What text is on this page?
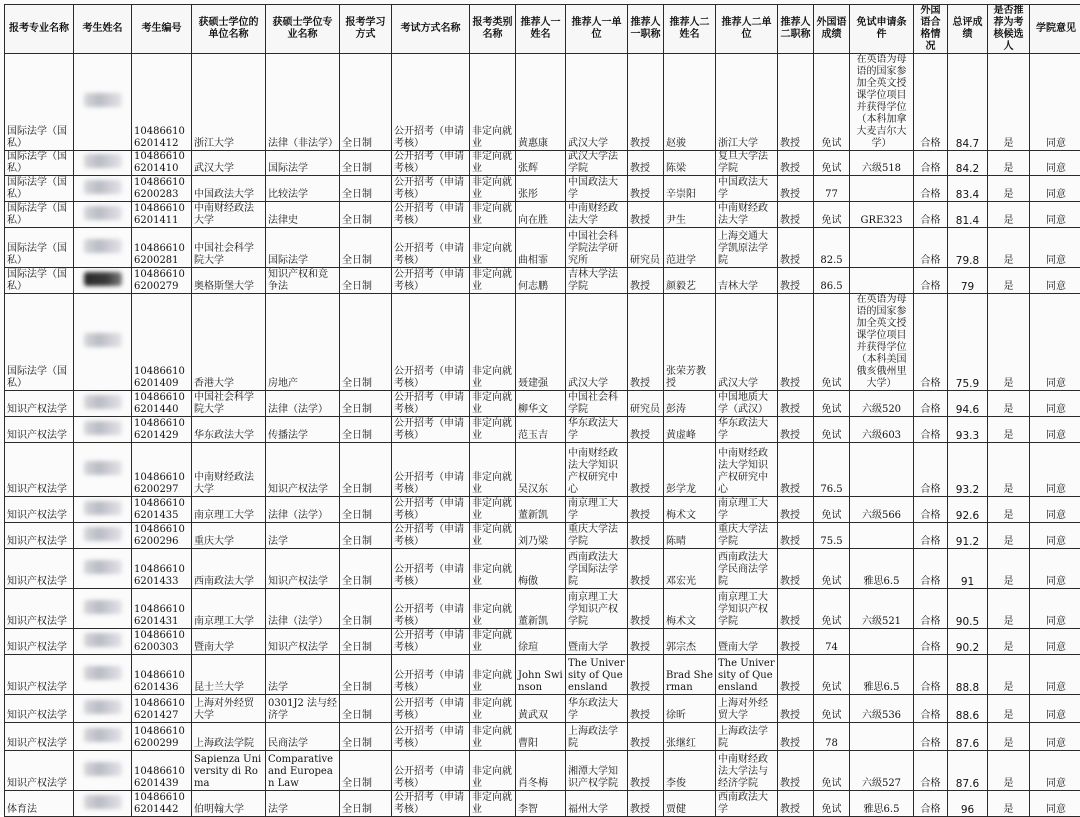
报考专业名称	考生姓名	考生编号	获硕士学位的单位名称	获硕士学位专业名称	报考学习方式	考试方式名称	报考类别名称	推荐人一姓名	推荐人一单位	推荐人一职称	推荐人二姓名	推荐人二单位	推荐人二职称	外国语成绩	免试申请条件	外国语合格情况	总评成绩	是否推荐为考核候选人	学院意见
国际法学（国私）		104866106201412	浙江大学	法律（非法学）	全日制	公开招考（申请考核）	非定向就业	黄惠康	武汉大学	教授	赵骏	浙江大学	教授	免试	在英语为母语的国家参加全英文授课学位项目并获得学位（本科加拿大麦吉尔大学）	合格	84.7	是	同意
国际法学（国私）		104866106201410	武汉大学	国际法学	全日制	公开招考（申请考核）	非定向就业	张辉	武汉大学法学院	教授	陈梁	复旦大学法学院	教授	免试	六级518	合格	84.2	是	同意
国际法学（国私）		104866106200283	中国政法大学	比较法学	全日制	公开招考（申请考核）	非定向就业	张彤	中国政法大学	教授	辛崇阳	中国政法大学	教授	77		合格	83.4	是	同意
国际法学（国私）		104866106201411	中南财经政法大学	法律史	全日制	公开招考（申请考核）	非定向就业	向在胜	中南财经政法大学	教授	尹生	中南财经政法大学	教授	免试	GRE323	合格	81.4	是	同意
国际法学（国私）		104866106200281	中国社会科学院大学	国际法学	全日制	公开招考（申请考核）	非定向就业	曲相霏	中国社会科学院法学研究所	研究员	范进学	上海交通大学凯原法学院	教授	82.5		合格	79.8	是	同意
国际法学（国私）		104866106200279	奥格斯堡大学	知识产权和竞争法	全日制	公开招考（申请考核）	非定向就业	何志鹏	吉林大学法学院	教授	颜毅艺	吉林大学	教授	86.5		合格	79	是	同意
国际法学（国私）		104866106201409	香港大学	房地产	全日制	公开招考（申请考核）	非定向就业	聂建强	武汉大学	教授	张荣芳教授	武汉大学	教授	免试	在英语为母语的国家参加全英文授课学位项目并获得学位（本科美国俄亥俄州里大学）	合格	75.9	是	同意
知识产权法学		104866106201440	中国社会科学院大学	法律（法学）	全日制	公开招考（申请考核）	非定向就业	柳华文	中国社会科学院	研究员	彭涛	中国地质大学（武汉）	教授	免试	六级520	合格	94.6	是	同意
知识产权法学		104866106201429	华东政法大学	传播法学	全日制	公开招考（申请考核）	非定向就业	范玉吉	华东政法大学	教授	黄虚峰	华东政法大学	教授	免试	六级603	合格	93.3	是	同意
知识产权法学		104866106200297	中南财经政法大学	知识产权法学	全日制	公开招考（申请考核）	非定向就业	吴汉东	中南财经政法大学知识产权研究中心	教授	彭学龙	中南财经政法大学知识产权研究中心	教授	76.5		合格	93.2	是	同意
知识产权法学		104866106201435	南京理工大学	法律（法学）	全日制	公开招考（申请考核）	非定向就业	董新凯	南京理工大学	教授	梅术文	南京理工大学	教授	免试	六级566	合格	92.6	是	同意
知识产权法学		104866106200296	重庆大学	法学	全日制	公开招考（申请考核）	非定向就业	刘乃梁	重庆大学法学院	教授	陈晴	重庆大学法学院	教授	75.5		合格	91.2	是	同意
知识产权法学		104866106201433	西南政法大学	知识产权法学	全日制	公开招考（申请考核）	非定向就业	梅傲	西南政法大学国际法学院	教授	邓宏光	西南政法大学民商法学院	教授	免试	雅思6.5	合格	91	是	同意
知识产权法学		104866106201431	南京理工大学	法律（法学）	全日制	公开招考（申请考核）	非定向就业	董新凯	南京理工大学知识产权学院	教授	梅术文	南京理工大学知识产权学院	教授	免试	六级521	合格	90.5	是	同意
知识产权法学		104866106200303	暨南大学	知识产权法学	全日制	公开招考（申请考核）	非定向就业	徐瑄	暨南大学	教授	郭宗杰	暨南大学	教授	74		合格	90.2	是	同意
知识产权法学		104866106201436	昆士兰大学	法学	全日制	公开招考（申请考核）	非定向就业	John Swinson	The University of Queensland	教授	Brad Sherman	The University of Queensland	教授	免试	雅思6.5	合格	88.8	是	同意
知识产权法学		104866106201427	上海对外经贸大学	0301J2 法与经济学	全日制	公开招考（申请考核）	非定向就业	黄武双	华东政法大学	教授	徐昕	上海对外经贸大学	教授	免试	六级536	合格	88.6	是	同意
知识产权法学		104866106200299	上海政法学院	民商法学	全日制	公开招考（申请考核）	非定向就业	曹阳	上海政法学院	教授	张继红	上海政法学院	教授	78		合格	87.6	是	同意
知识产权法学		104866106201439	Sapienza University di Roma	Comparative and European Law	全日制	公开招考（申请考核）	非定向就业	肖冬梅	湘潭大学知识产权学院	教授	李俊	中南财经政法大学法与经济学院	教授	免试	六级527	合格	87.6	是	同意
体育法		104866106201442	伯明翰大学	法学	全日制	公开招考（申请考核）	非定向就业	李智	福州大学	教授	贾健	西南政法大学	教授	免试	雅思6.5	合格	96	是	同意
